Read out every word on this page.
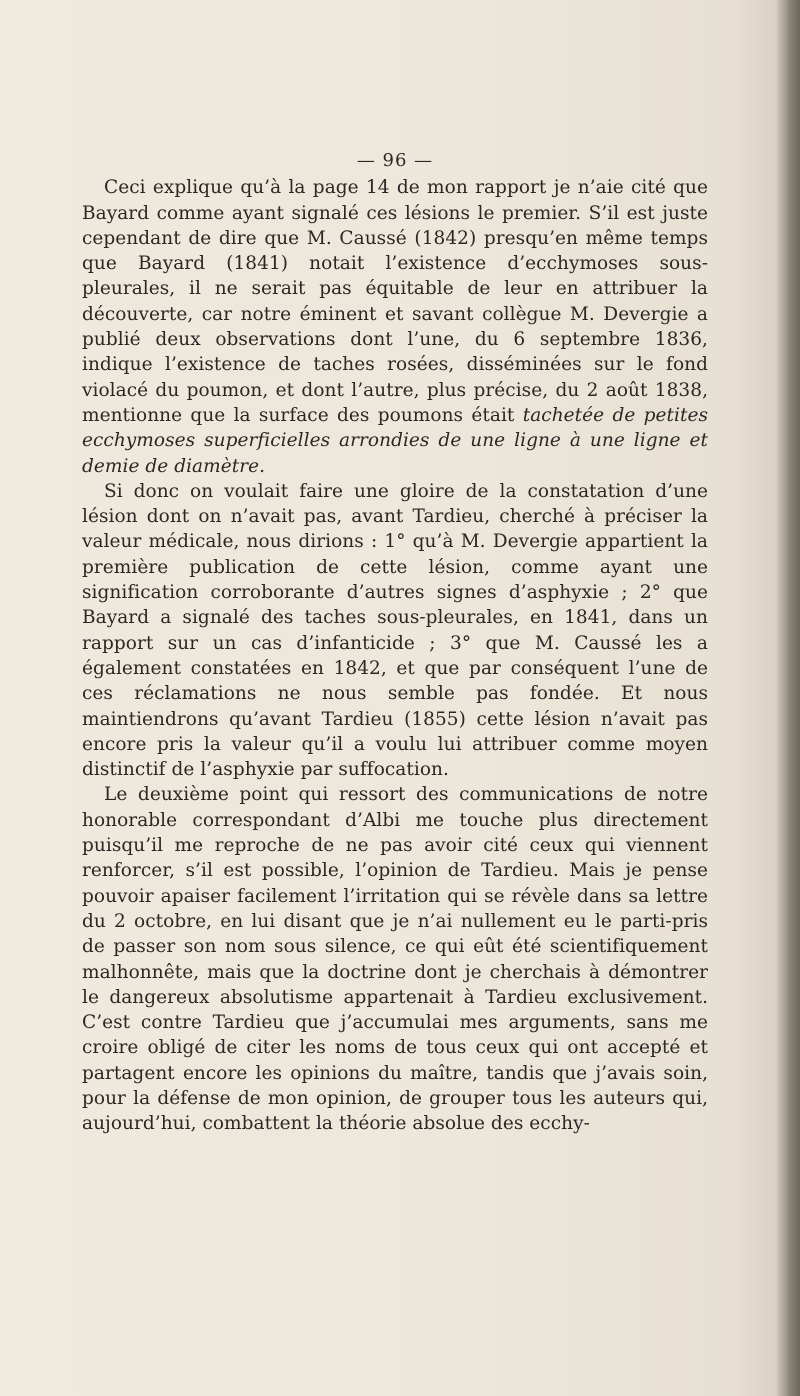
— 96 —

Ceci explique qu’à la page 14 de mon rapport je n’aie cité que Bayard comme ayant signalé ces lésions le premier. S’il est juste cependant de dire que M. Caussé (1842) presqu’en même temps que Bayard (1841) notait l’existence d’ecchymoses sous-pleurales, il ne serait pas équitable de leur en attribuer la découverte, car notre éminent et savant collègue M. Devergie a publié deux observations dont l’une, du 6 septembre 1836, indique l’existence de taches rosées, disséminées sur le fond violacé du poumon, et dont l’autre, plus précise, du 2 août 1838, mentionne que la surface des poumons était tachetée de petites ecchymoses superficielles arrondies de une ligne à une ligne et demie de diamètre.

Si donc on voulait faire une gloire de la constatation d’une lésion dont on n’avait pas, avant Tardieu, cherché à préciser la valeur médicale, nous dirions : 1° qu’à M. Devergie appartient la première publication de cette lésion, comme ayant une signification corroborante d’autres signes d’asphyxie ; 2° que Bayard a signalé des taches sous-pleurales, en 1841, dans un rapport sur un cas d’infanticide ; 3° que M. Caussé les a également constatées en 1842, et que par conséquent l’une de ces réclamations ne nous semble pas fondée. Et nous maintiendrons qu’avant Tardieu (1855) cette lésion n’avait pas encore pris la valeur qu’il a voulu lui attribuer comme moyen distinctif de l’asphyxie par suffocation.

Le deuxième point qui ressort des communications de notre honorable correspondant d’Albi me touche plus directement puisqu’il me reproche de ne pas avoir cité ceux qui viennent renforcer, s’il est possible, l’opinion de Tardieu. Mais je pense pouvoir apaiser facilement l’irritation qui se révèle dans sa lettre du 2 octobre, en lui disant que je n’ai nullement eu le parti-pris de passer son nom sous silence, ce qui eût été scientifiquement malhonnête, mais que la doctrine dont je cherchais à démontrer le dangereux absolutisme appartenait à Tardieu exclusivement. C’est contre Tardieu que j’accumulai mes arguments, sans me croire obligé de citer les noms de tous ceux qui ont accepté et partagent encore les opinions du maître, tandis que j’avais soin, pour la défense de mon opinion, de grouper tous les auteurs qui, aujourd’hui, combattent la théorie absolue des ecchy-
